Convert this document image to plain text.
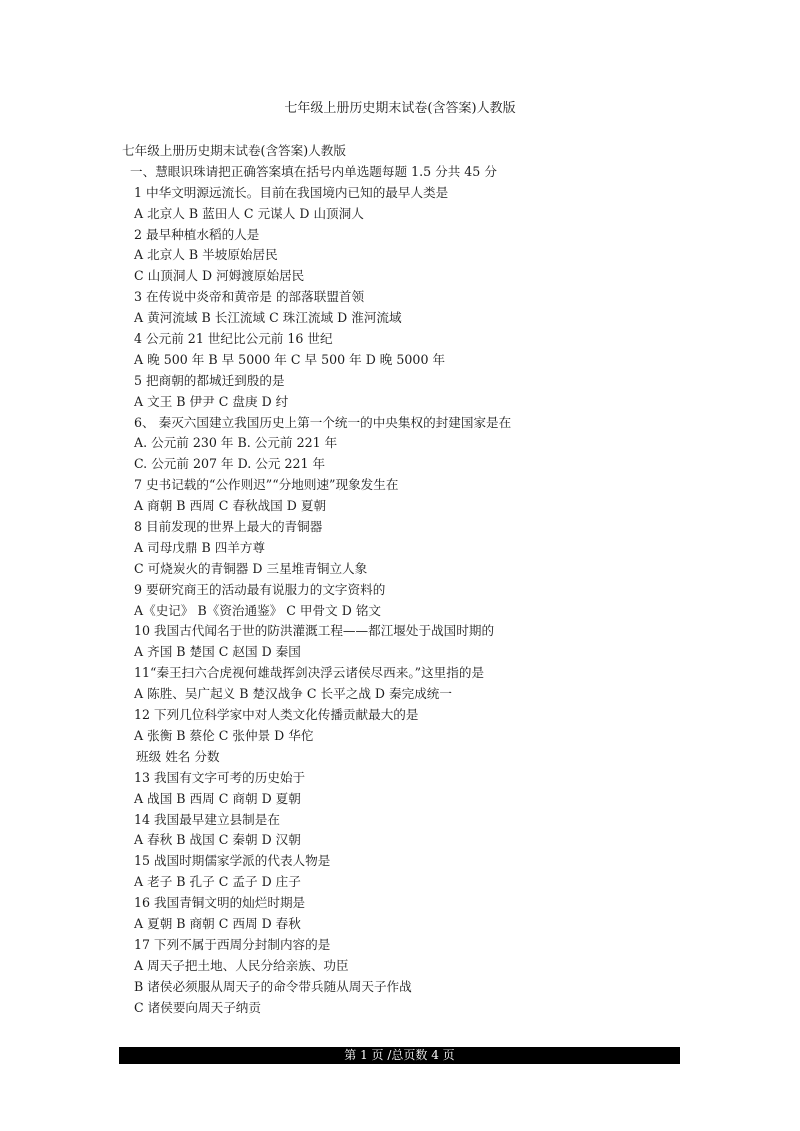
七年级上册历史期末试卷(含答案)人教版
七年级上册历史期末试卷(含答案)人教版
一、慧眼识珠请把正确答案填在括号内单选题每题 1.5 分共 45 分
1 中华文明源远流长。目前在我国境内已知的最早人类是
A 北京人 B 蓝田人 C 元谋人 D 山顶洞人
2 最早种植水稻的人是
A 北京人 B 半坡原始居民
C 山顶洞人 D 河姆渡原始居民
3 在传说中炎帝和黄帝是 的部落联盟首领
A 黄河流域 B 长江流域 C 珠江流域 D 淮河流域
4 公元前 21 世纪比公元前 16 世纪
A 晚 500 年 B 早 5000 年 C 早 500 年 D 晚 5000 年
5 把商朝的都城迁到殷的是
A 文王 B 伊尹 C 盘庚 D 纣
6、 秦灭六国建立我国历史上第一个统一的中央集权的封建国家是在
A. 公元前 230 年 B. 公元前 221 年
C. 公元前 207 年 D. 公元 221 年
7 史书记载的“公作则迟”“分地则速”现象发生在
A 商朝 B 西周 C 春秋战国 D 夏朝
8 目前发现的世界上最大的青铜器
A 司母戊鼎 B 四羊方尊
C 可烧炭火的青铜器 D 三星堆青铜立人象
9 要研究商王的活动最有说服力的文字资料的
A《史记》 B《资治通鉴》 C 甲骨文 D 铭文
10 我国古代闻名于世的防洪灌溉工程——都江堰处于战国时期的
A 齐国 B 楚国 C 赵国 D 秦国
11“秦王扫六合虎视何雄哉挥剑决浮云诸侯尽西来。”这里指的是
A 陈胜、吴广起义 B 楚汉战争 C 长平之战 D 秦完成统一
12 下列几位科学家中对人类文化传播贡献最大的是
A 张衡 B 蔡伦 C 张仲景 D 华佗
班级 姓名 分数
13 我国有文字可考的历史始于
A 战国 B 西周 C 商朝 D 夏朝
14 我国最早建立县制是在
A 春秋 B 战国 C 秦朝 D 汉朝
15 战国时期儒家学派的代表人物是
A 老子 B 孔子 C 孟子 D 庄子
16 我国青铜文明的灿烂时期是
A 夏朝 B 商朝 C 西周 D 春秋
17 下列不属于西周分封制内容的是
A 周天子把土地、人民分给亲族、功臣
B 诸侯必须服从周天子的命令带兵随从周天子作战
C 诸侯要向周天子纳贡
第 1 页 /总页数 4 页
